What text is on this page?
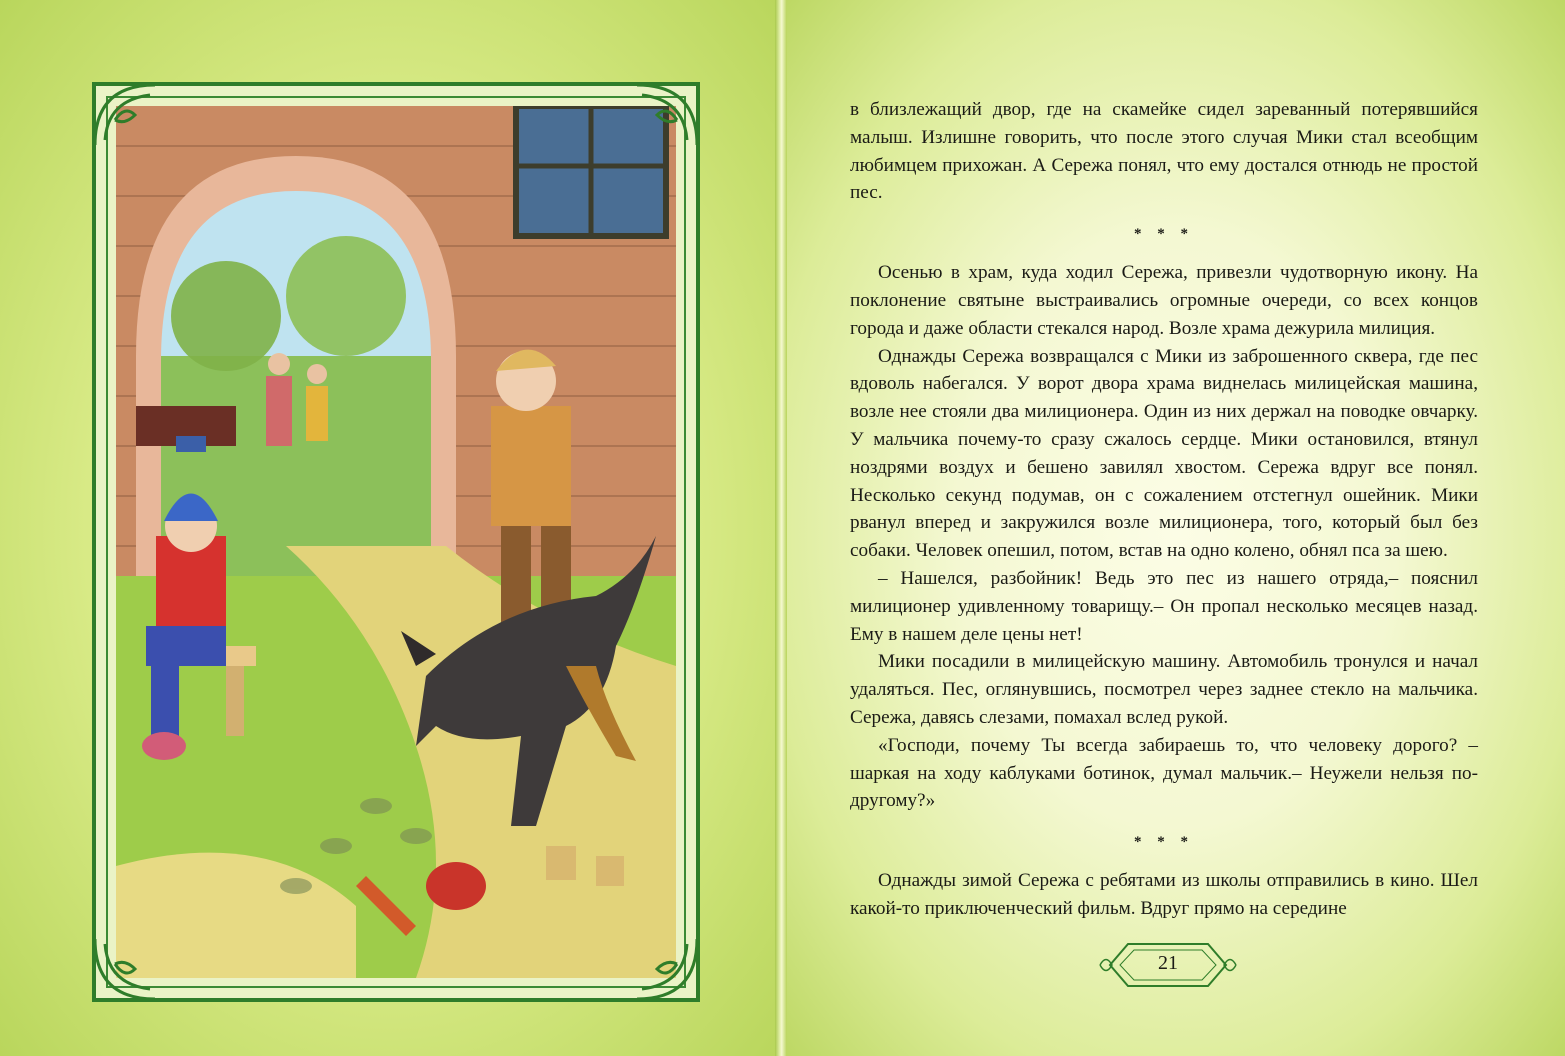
в близлежащий двор, где на скамейке сидел зареванный потерявшийся малыш. Излишне говорить, что после этого случая Мики стал всеобщим любимцем прихожан. А Сережа понял, что ему достался отнюдь не простой пес.

* * *

Осенью в храм, куда ходил Сережа, привезли чудотворную икону. На поклонение святыне выстраивались огромные очереди, со всех концов города и даже области стекался народ. Возле храма дежурила милиция.

Однажды Сережа возвращался с Мики из заброшенного сквера, где пес вдоволь набегался. У ворот двора храма виднелась милицейская машина, возле нее стояли два милиционера. Один из них держал на поводке овчарку. У мальчика почему-то сразу сжалось сердце. Мики остановился, втянул ноздрями воздух и бешено завилял хвостом. Сережа вдруг все понял. Несколько секунд подумав, он с сожалением отстегнул ошейник. Мики рванул вперед и закружился возле милиционера, того, который был без собаки. Человек опешил, потом, встав на одно колено, обнял пса за шею.

– Нашелся, разбойник! Ведь это пес из нашего отряда,– пояснил милиционер удивленному товарищу.– Он пропал несколько месяцев назад. Ему в нашем деле цены нет!

Мики посадили в милицейскую машину. Автомобиль тронулся и начал удаляться. Пес, оглянувшись, посмотрел через заднее стекло на мальчика. Сережа, давясь слезами, помахал вслед рукой.

«Господи, почему Ты всегда забираешь то, что человеку дорого? – шаркая на ходу каблуками ботинок, думал мальчик.– Неужели нельзя по-другому?»

* * *

Однажды зимой Сережа с ребятами из школы отправились в кино. Шел какой-то приключенческий фильм. Вдруг прямо на середине

21
